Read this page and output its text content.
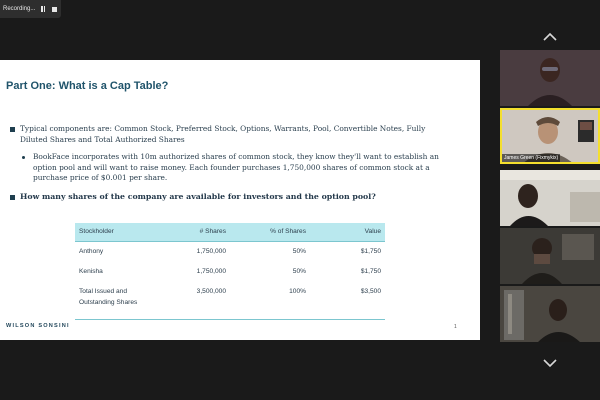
Recording...
Part One: What is a Cap Table?
Typical components are: Common Stock, Preferred Stock, Options, Warrants, Pool, Convertible Notes, Fully Diluted Shares and Total Authorized Shares
BookFace incorporates with 10m authorized shares of common stock, they know they'll want to establish an option pool and will want to raise money. Each founder purchases 1,750,000 shares of common stock at a purchase price of $0.001 per share.
How many shares of the company are available for investors and the option pool?
Stockholder	# Shares	% of Shares	Value
Anthony	1,750,000	50%	$1,750
Kenisha	1,750,000	50%	$1,750
Total Issued and Outstanding Shares	3,500,000	100%	$3,500
WILSON SONSINI	1
James Green (Fixmykix)
